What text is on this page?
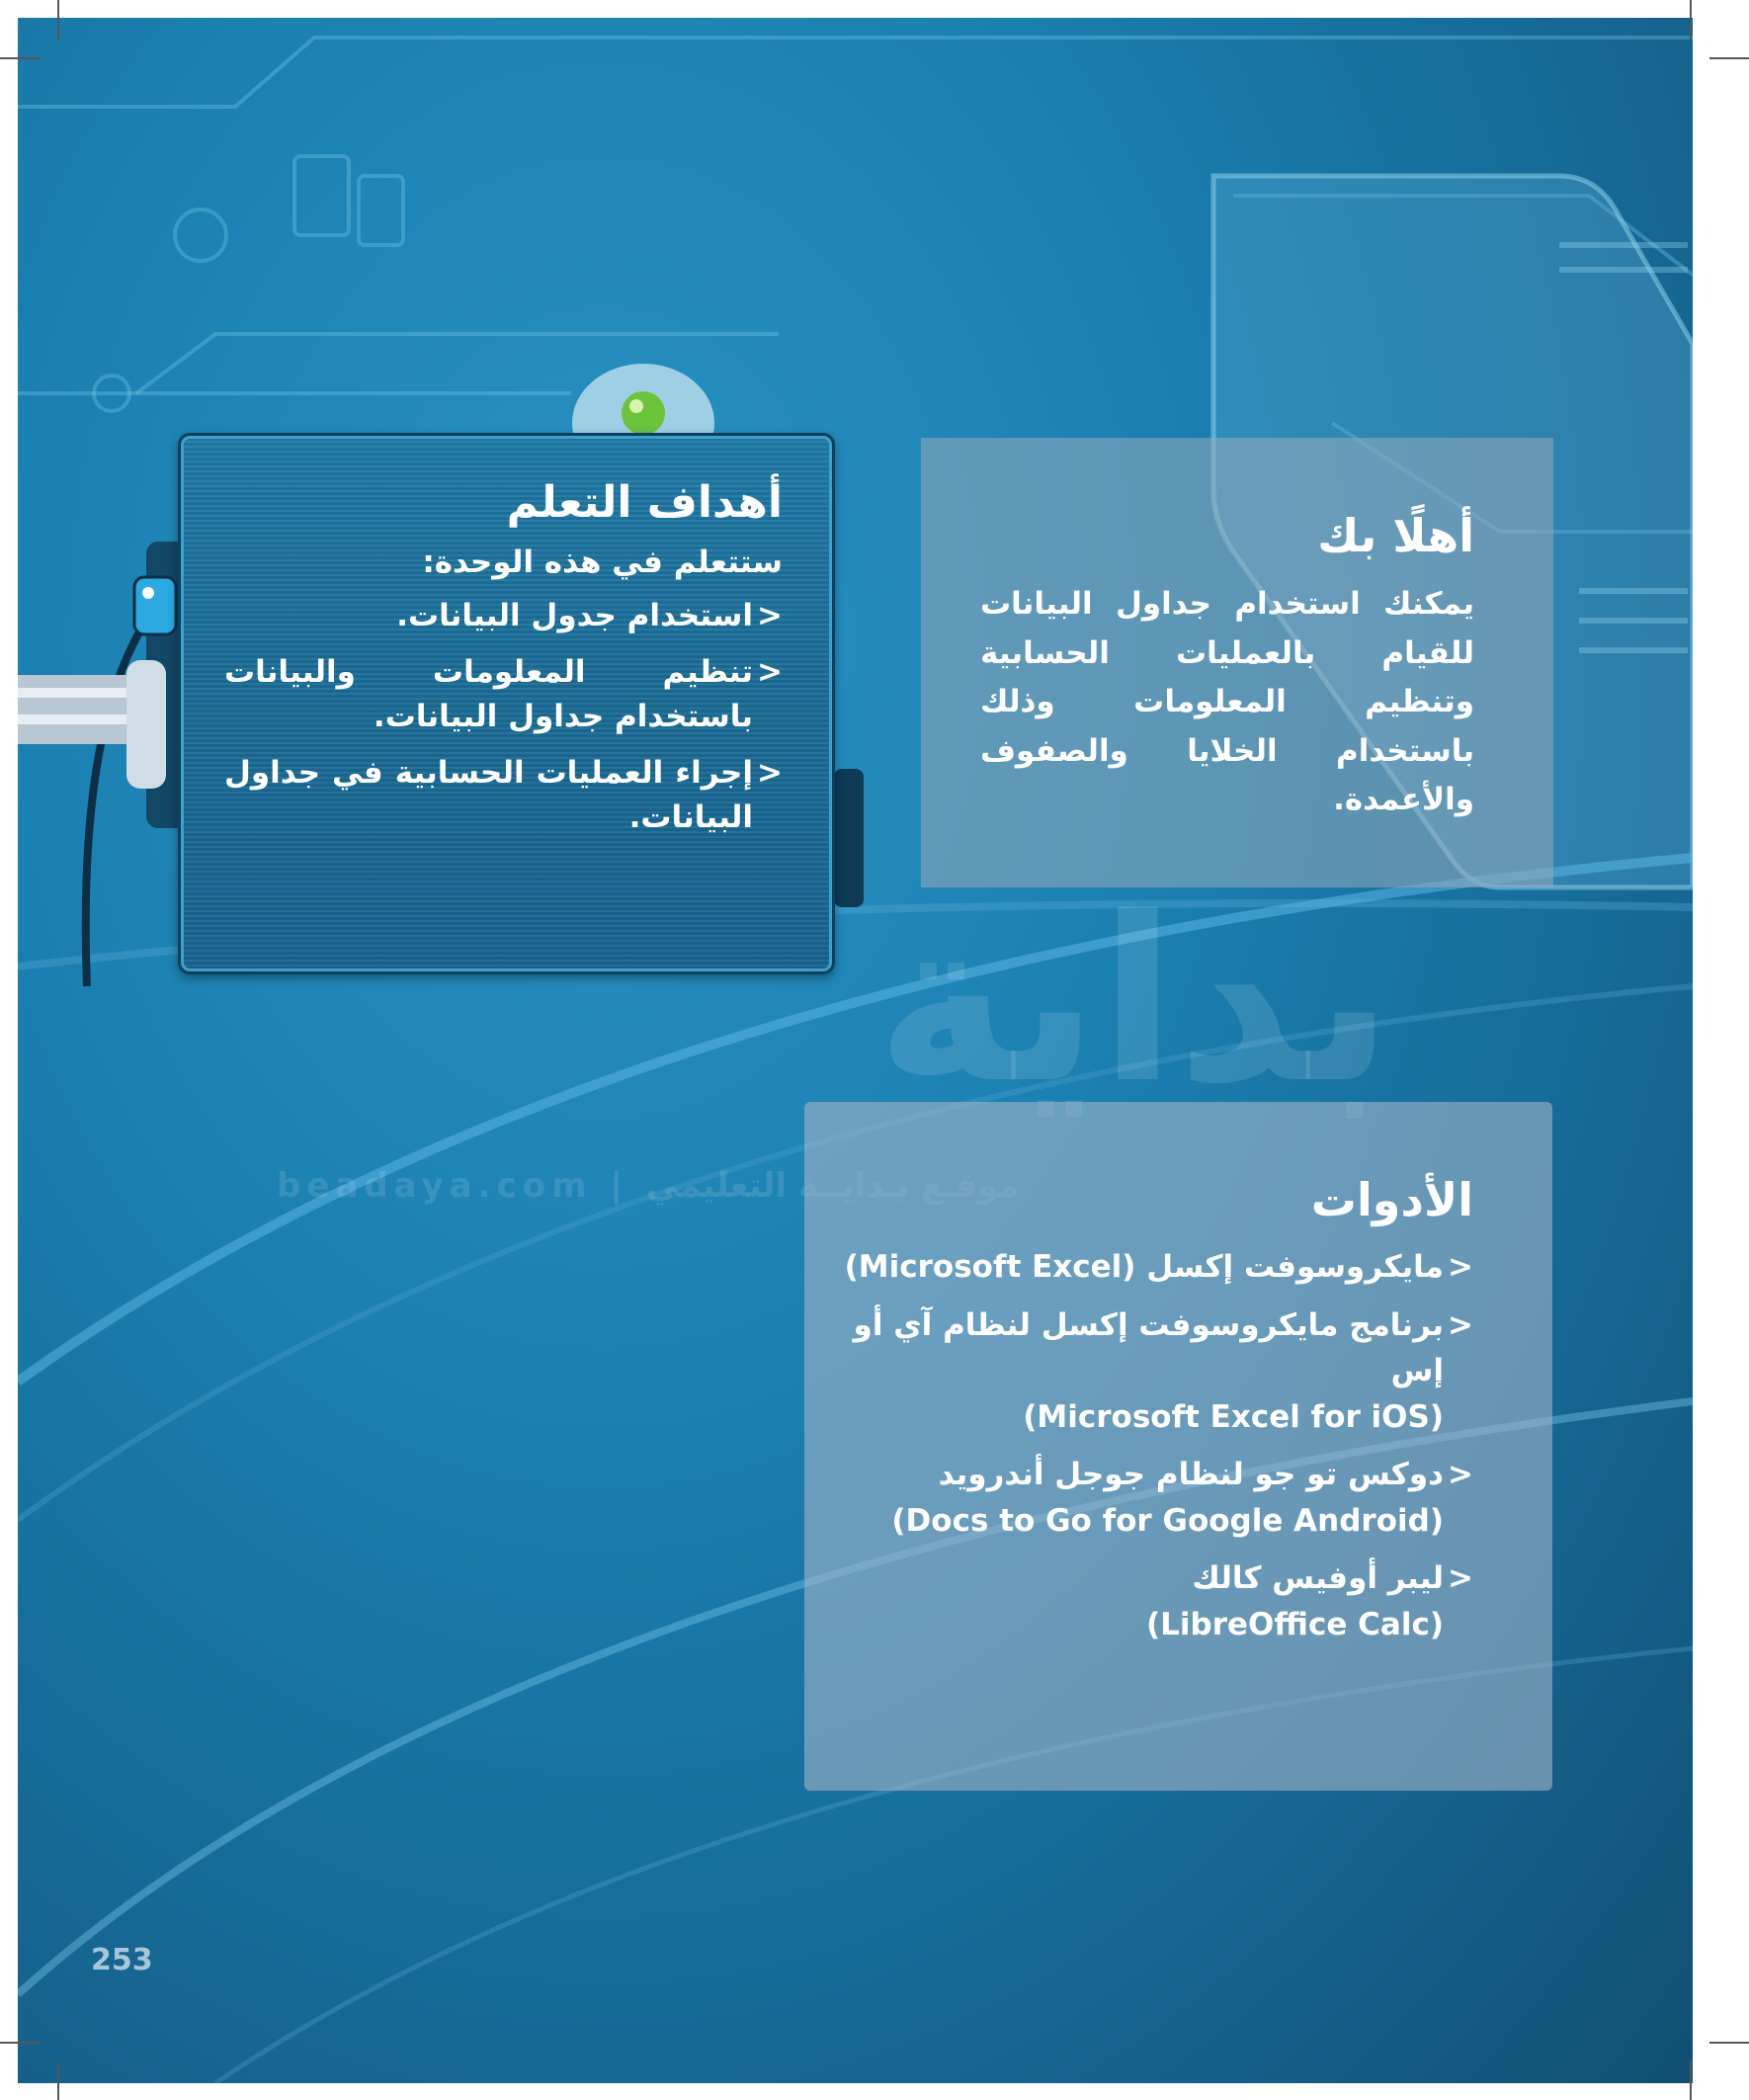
أهداف التعلم

ستتعلم في هذه الوحدة:

< استخدام جدول البيانات.
< تنظيم المعلومات والبيانات باستخدام جداول البيانات.
< إجراء العمليات الحسابية في جداول البيانات.
أهلًا بك

يمكنك استخدام جداول البيانات للقيام بالعمليات الحسابية وتنظيم المعلومات وذلك باستخدام الخلايا والصفوف والأعمدة.

الأدوات
< مايكروسوفت إكسل (Microsoft Excel)
< برنامج مايكروسوفت إكسل لنظام آي أو إس
(Microsoft Excel for iOS)
< دوكس تو جو لنظام جوجل أندرويد
(Docs to Go for Google Android)
< ليبر أوفيس كالك
(LibreOffice Calc)
253
